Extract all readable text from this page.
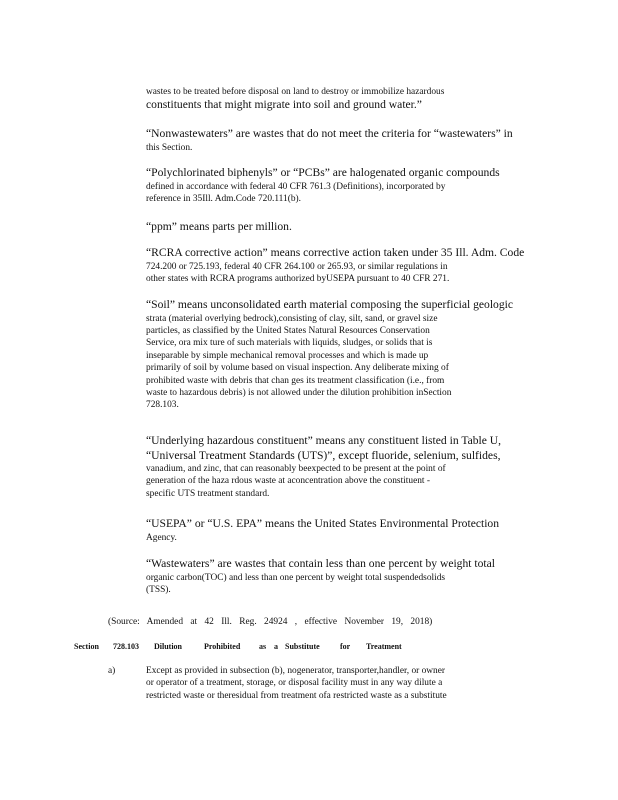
wastes to be treated before disposal on land to destroy or immobilize hazardous
constituents that might migrate into soil and ground water.”
“Nonwastewaters” are wastes that do not meet the criteria for “wastewaters” in
this Section.
“Polychlorinated biphenyls” or “PCBs” are halogenated organic compounds
defined in accordance with federal 40 CFR 761.3 (Definitions), incorporated by
reference in 35Ill. Adm.Code 720.111(b).
“ppm” means parts per million.
“RCRA corrective action” means corrective action taken under 35 Ill. Adm. Code
724.200 or 725.193, federal 40 CFR 264.100 or 265.93, or similar regulations in
other states with RCRA programs authorized byUSEPA pursuant to 40 CFR 271.
“Soil” means unconsolidated earth material composing the superficial geologic
strata (material overlying bedrock),consisting of clay, silt, sand, or gravel size
particles, as classified by the United States Natural Resources Conservation
Service, ora mix ture of such materials with liquids, sludges, or solids that is
inseparable by simple mechanical removal processes and which is made up
primarily of soil by volume based on visual inspection. Any deliberate mixing of
prohibited waste with debris that chan ges its treatment classification (i.e., from
waste to hazardous debris) is not allowed under the dilution prohibition inSection
728.103.
“Underlying hazardous constituent” means any constituent listed in Table U,
“Universal Treatment Standards (UTS)”, except fluoride, selenium, sulfides,
vanadium, and zinc, that can reasonably beexpected to be present at the point of
generation of the haza rdous waste at aconcentration above the constituent -
specific UTS treatment standard.
“USEPA” or “U.S. EPA” means the United States Environmental Protection
Agency.
“Wastewaters” are wastes that contain less than one percent by weight total
organic carbon(TOC) and less than one percent by weight total suspendedsolids
(TSS).
(Source: Amended at 42 Ill. Reg. 24924 , effective November 19, 2018)
Section 728.103 Dilution	Prohibited as a Substitute	for Treatment
a)	Except as provided in subsection (b), nogenerator, transporter,handler, or owner
or operator of a treatment, storage, or disposal facility must in any way dilute a
restricted waste or theresidual from treatment ofa restricted waste as a substitute
